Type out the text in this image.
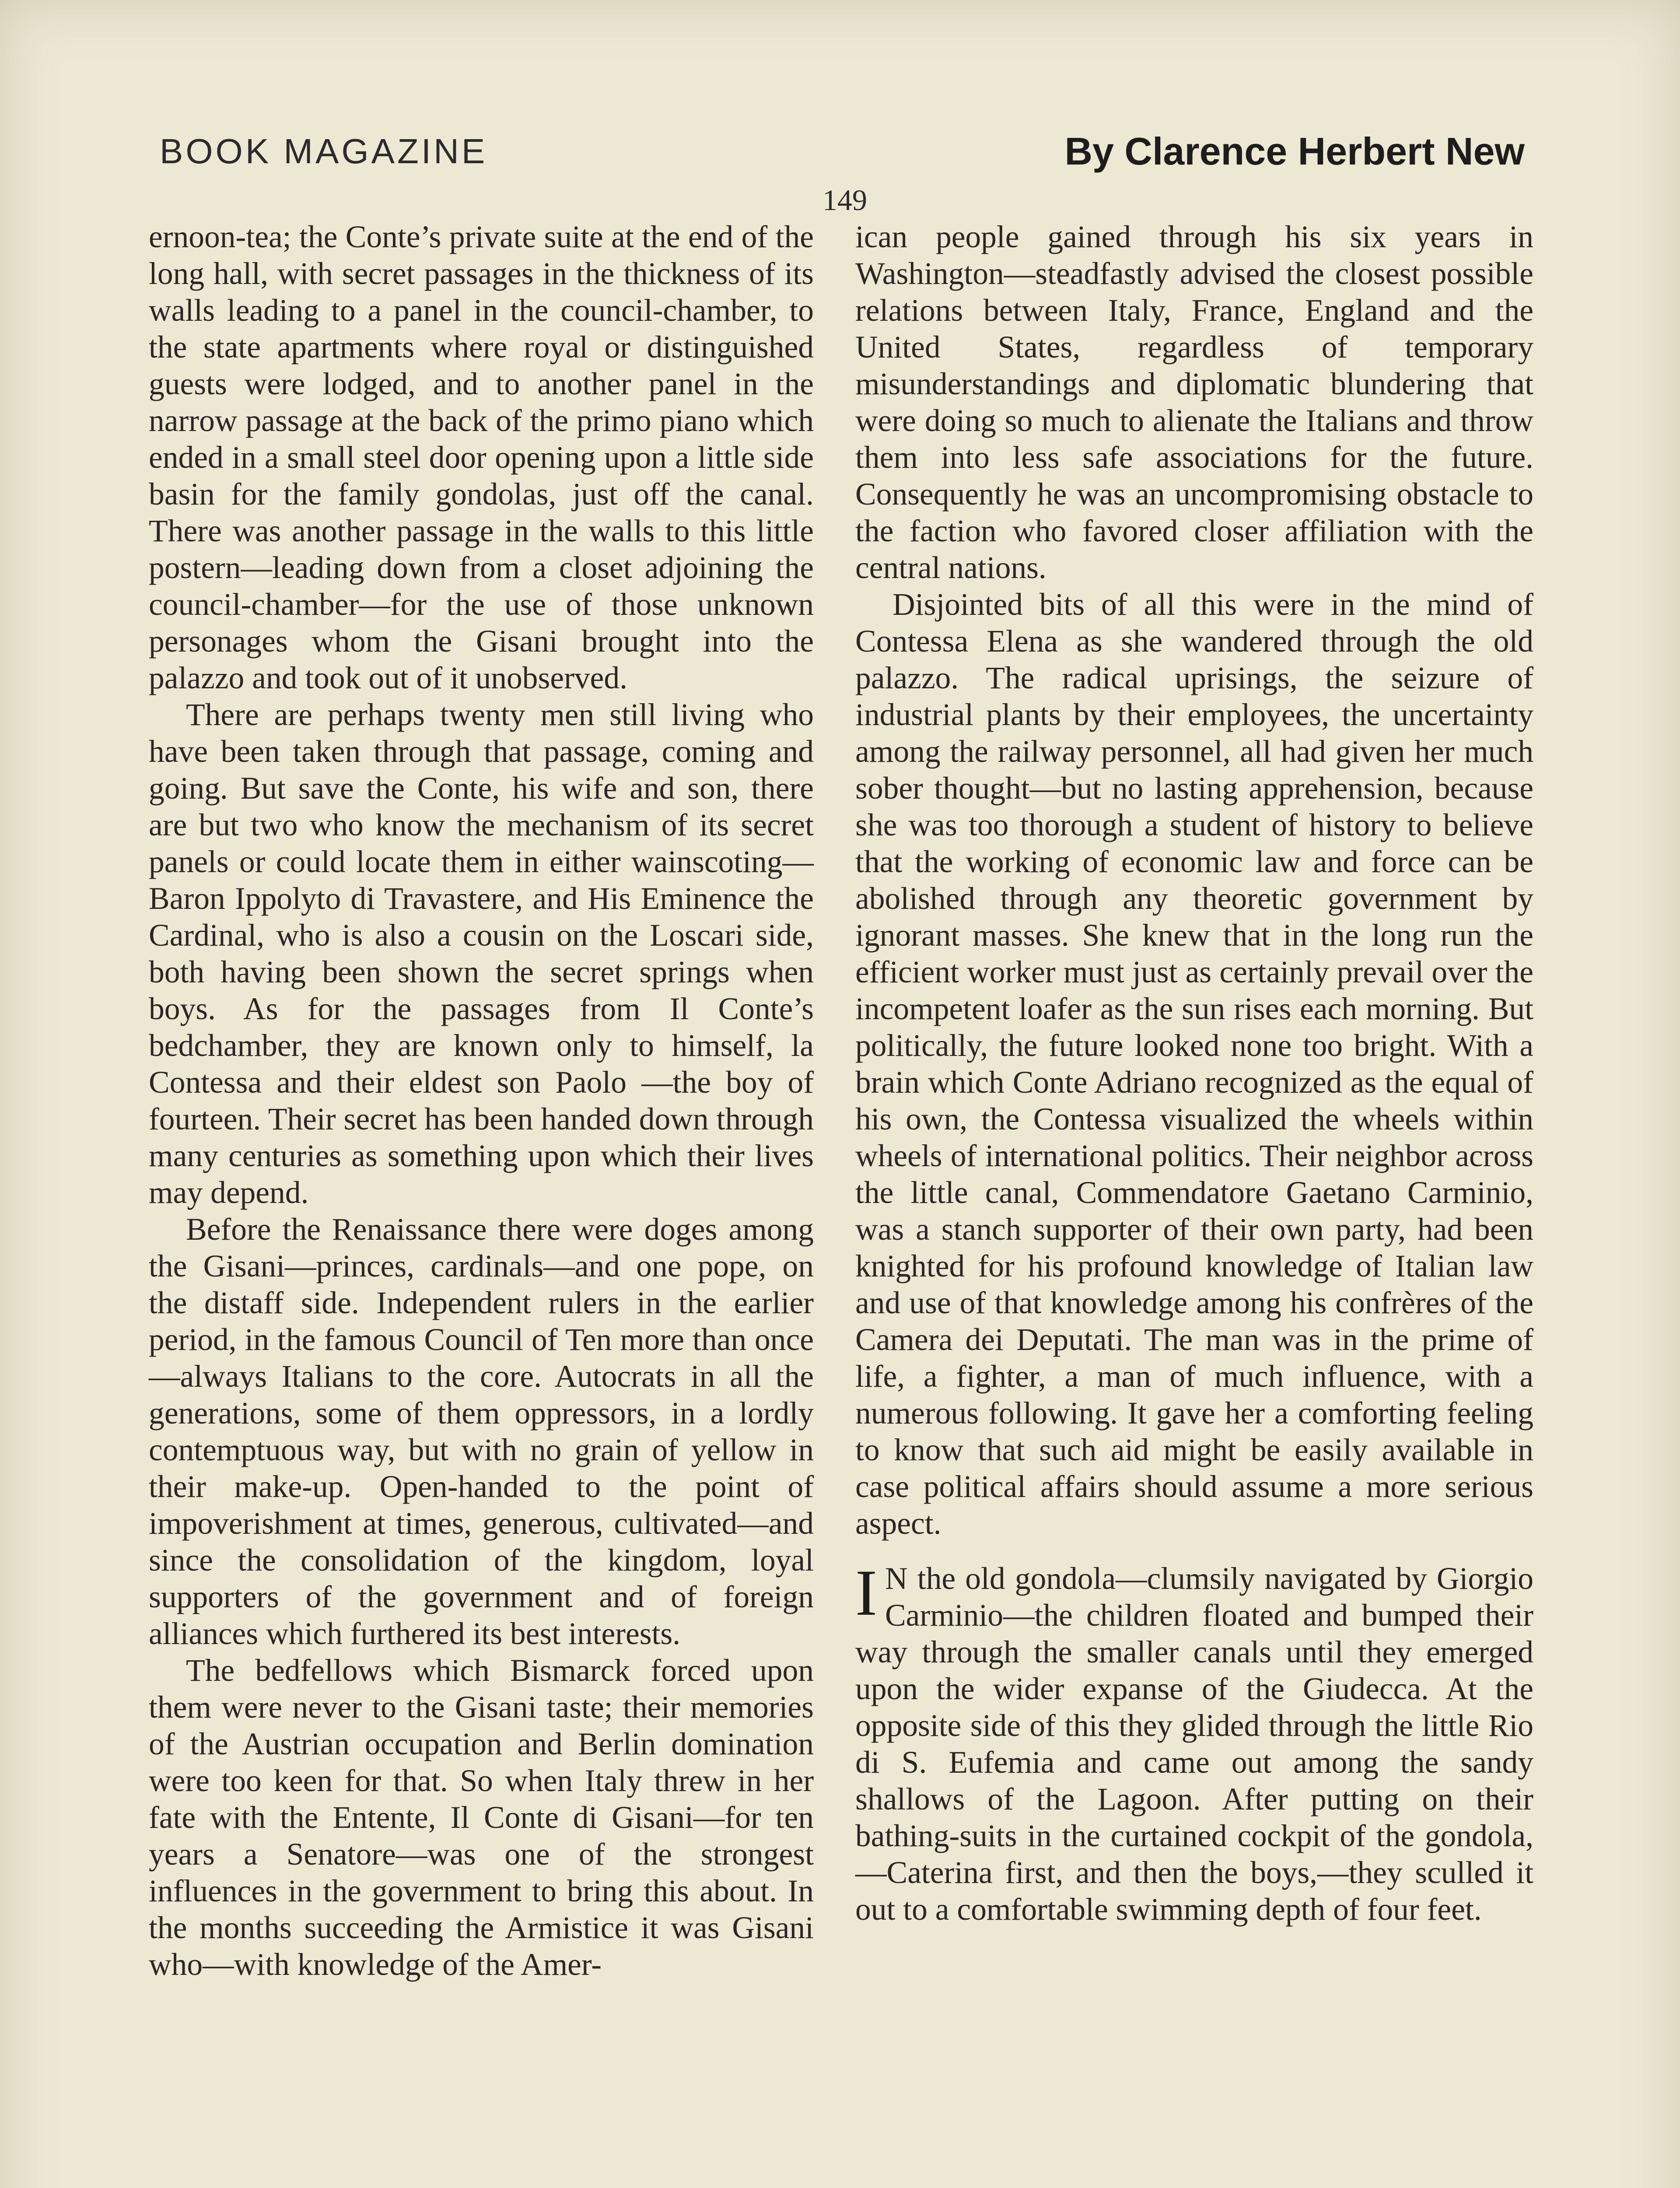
BOOK MAGAZINE	By Clarence Herbert New
149

ernoon-tea; the Conte’s private suite at the end of the long hall, with secret passages in the thickness of its walls leading to a panel in the council-chamber, to the state apartments where royal or distinguished guests were lodged, and to another panel in the narrow passage at the back of the primo piano which ended in a small steel door opening upon a little side basin for the family gondolas, just off the canal. There was another passage in the walls to this little postern—leading down from a closet adjoining the council-chamber—for the use of those unknown personages whom the Gisani brought into the palazzo and took out of it unobserved.

There are perhaps twenty men still living who have been taken through that passage, coming and going. But save the Conte, his wife and son, there are but two who know the mechanism of its secret panels or could locate them in either wainscoting—Baron Ippolyto di Travastere, and His Eminence the Cardinal, who is also a cousin on the Loscari side, both having been shown the secret springs when boys. As for the passages from Il Conte’s bedchamber, they are known only to himself, la Contessa and their eldest son Paolo —the boy of fourteen. Their secret has been handed down through many centuries as something upon which their lives may depend.

Before the Renaissance there were doges among the Gisani—princes, cardinals—and one pope, on the distaff side. Independent rulers in the earlier period, in the famous Council of Ten more than once—always Italians to the core. Autocrats in all the generations, some of them oppressors, in a lordly contemptuous way, but with no grain of yellow in their make-up. Open-handed to the point of impoverishment at times, generous, cultivated—and since the consolidation of the kingdom, loyal supporters of the government and of foreign alliances which furthered its best interests.

The bedfellows which Bismarck forced upon them were never to the Gisani taste; their memories of the Austrian occupation and Berlin domination were too keen for that. So when Italy threw in her fate with the Entente, Il Conte di Gisani—for ten years a Senatore—was one of the strongest influences in the government to bring this about. In the months succeeding the Armistice it was Gisani who—with knowledge of the Amer-

ican people gained through his six years in Washington—steadfastly advised the closest possible relations between Italy, France, England and the United States, regardless of temporary misunderstandings and diplomatic blundering that were doing so much to alienate the Italians and throw them into less safe associations for the future. Consequently he was an uncompromising obstacle to the faction who favored closer affiliation with the central nations.

Disjointed bits of all this were in the mind of Contessa Elena as she wandered through the old palazzo. The radical uprisings, the seizure of industrial plants by their employees, the uncertainty among the railway personnel, all had given her much sober thought—but no lasting apprehension, because she was too thorough a student of history to believe that the working of economic law and force can be abolished through any theoretic government by ignorant masses. She knew that in the long run the efficient worker must just as certainly prevail over the incompetent loafer as the sun rises each morning. But politically, the future looked none too bright. With a brain which Conte Adriano recognized as the equal of his own, the Contessa visualized the wheels within wheels of international politics. Their neighbor across the little canal, Commendatore Gaetano Carminio, was a stanch supporter of their own party, had been knighted for his profound knowledge of Italian law and use of that knowledge among his confrères of the Camera dei Deputati. The man was in the prime of life, a fighter, a man of much influence, with a numerous following. It gave her a comforting feeling to know that such aid might be easily available in case political affairs should assume a more serious aspect.

I N the old gondola—clumsily navigated by Giorgio Carminio—the children floated and bumped their way through the smaller canals until they emerged upon the wider expanse of the Giudecca. At the opposite side of this they glided through the little Rio di S. Eufemia and came out among the sandy shallows of the Lagoon. After putting on their bathing-suits in the curtained cockpit of the gondola,—Caterina first, and then the boys,—they sculled it out to a comfortable swimming depth of four feet.
